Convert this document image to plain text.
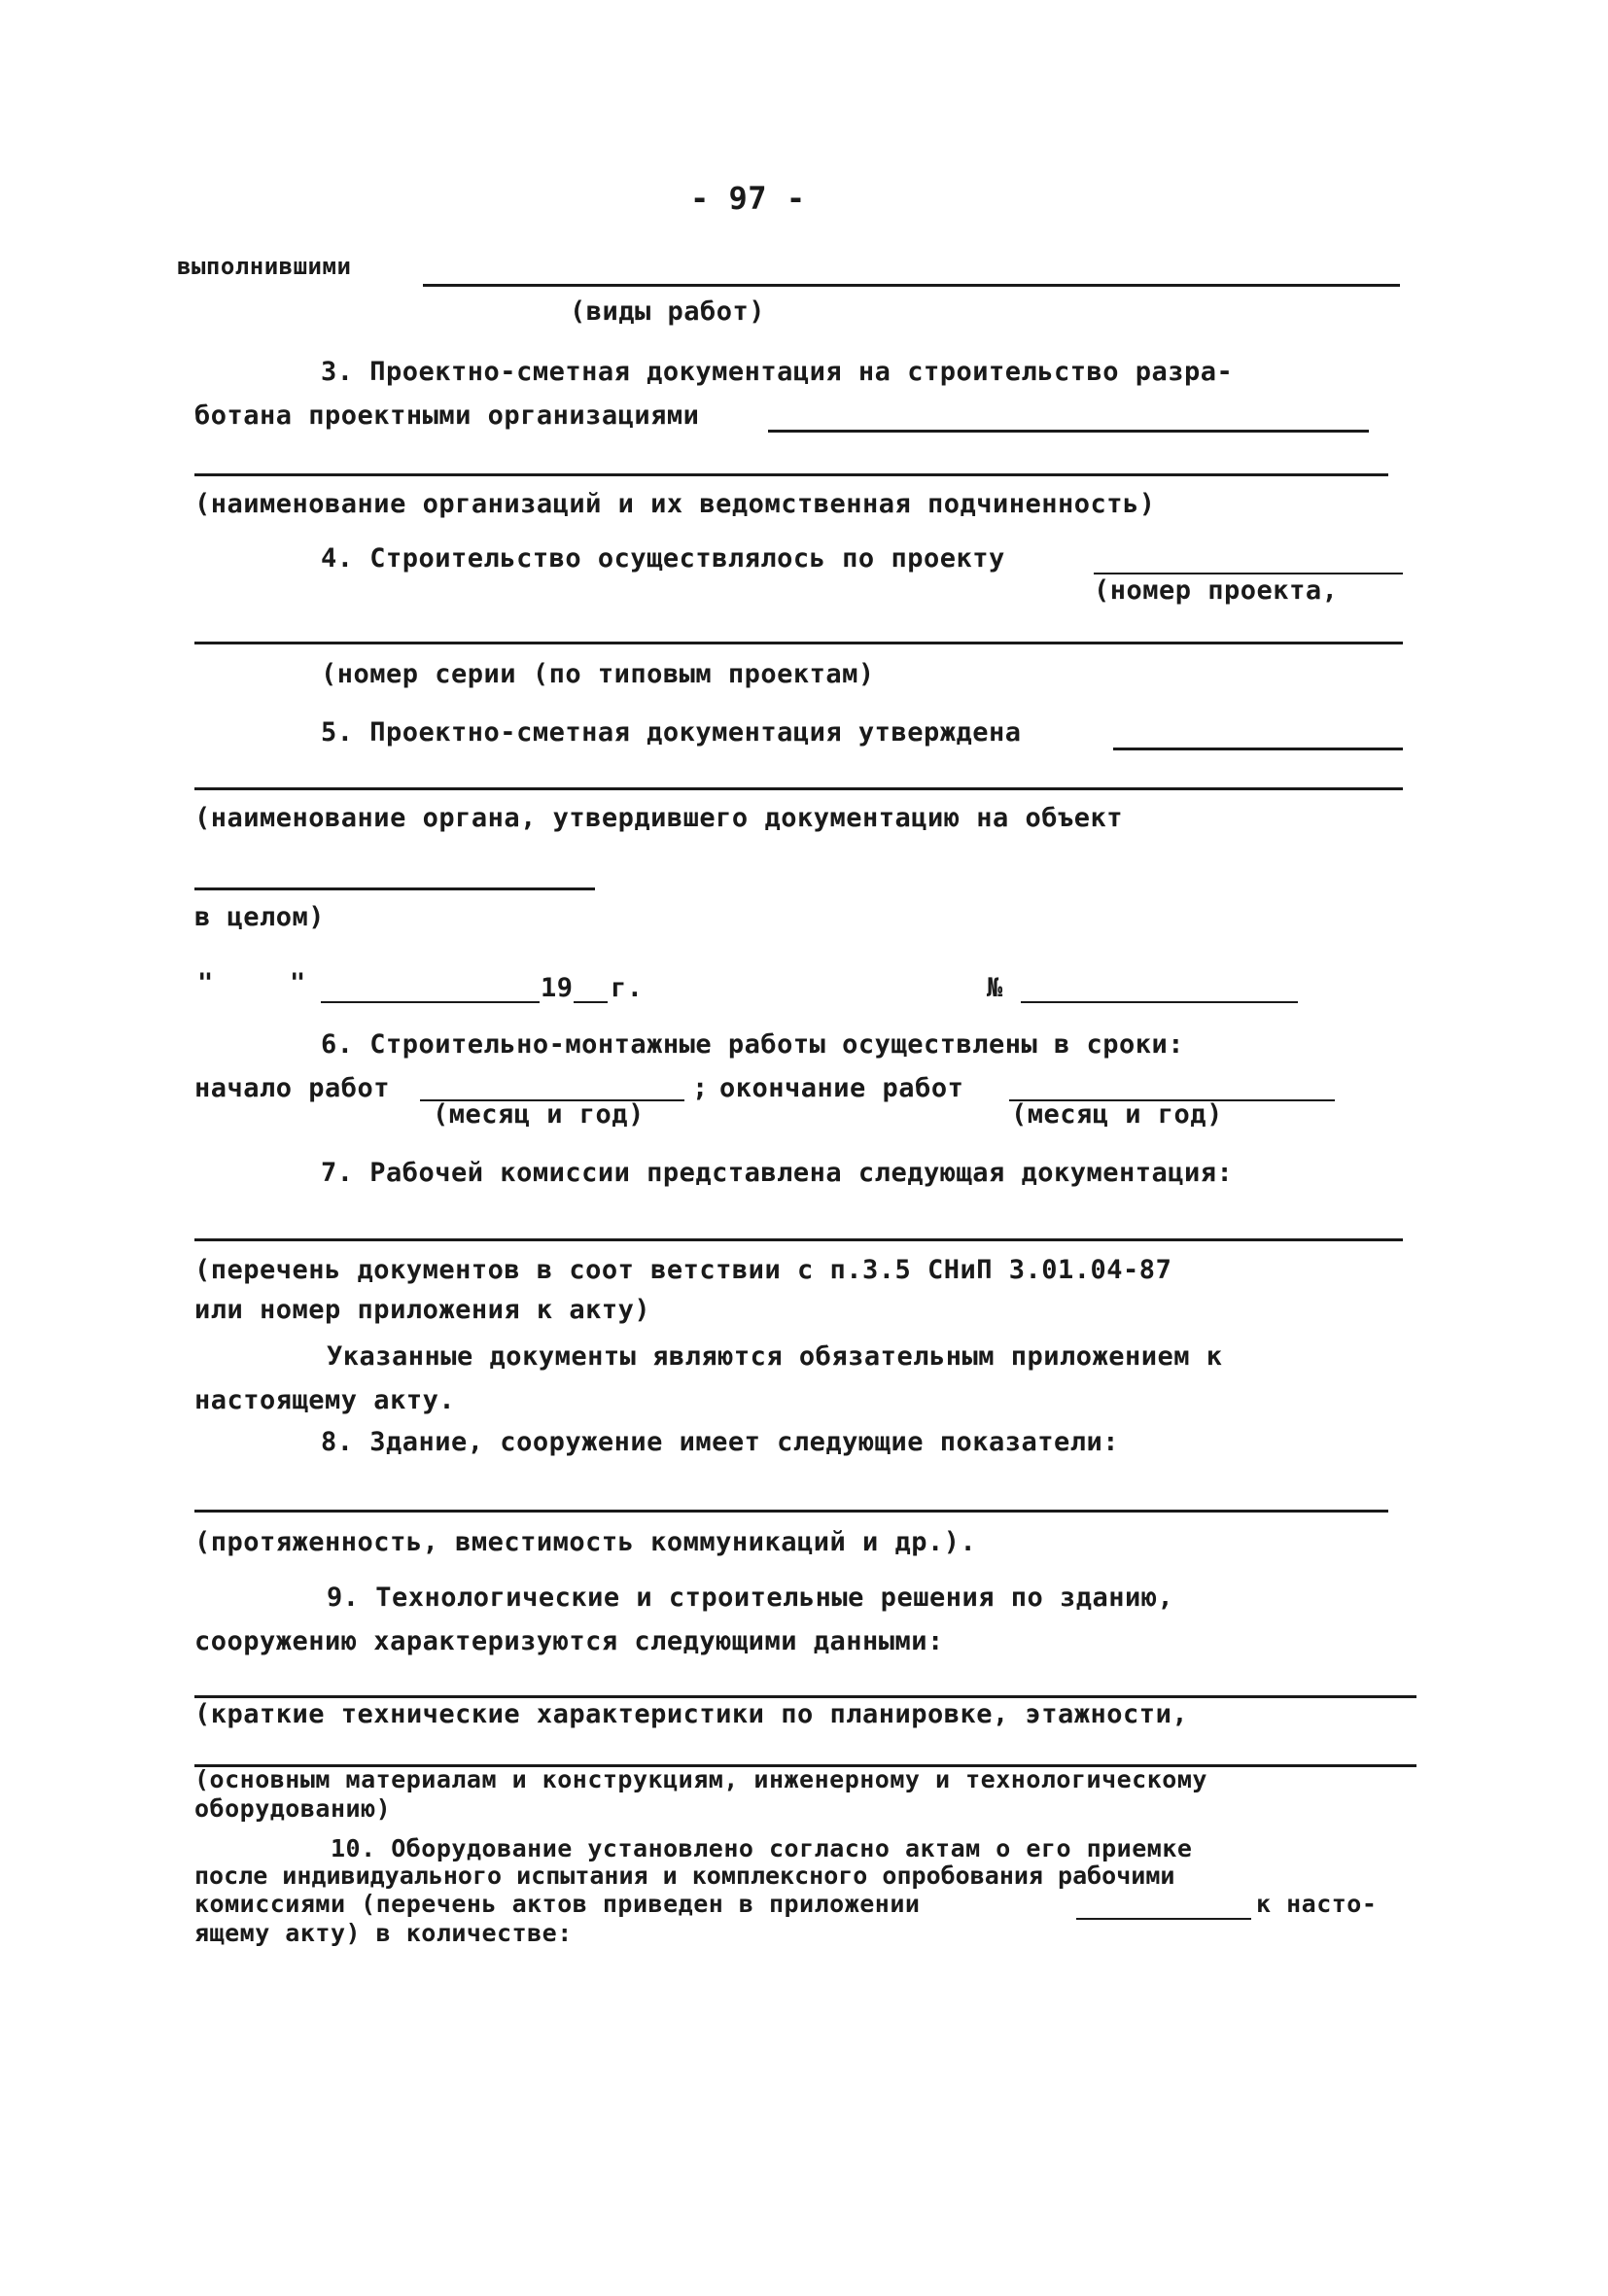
- 97 -
выполнившими
(виды работ)
3. Проектно-сметная документация на строительство разра-
ботана проектными организациями
(наименование организаций и их ведомственная подчиненность)
4. Строительство осуществлялось по проекту
(номер проекта,
(номер серии (по типовым проектам)
5. Проектно-сметная документация утверждена
(наименование органа, утвердившего документацию на объект
в целом)
"	"	19 г.	№
6. Строительно-монтажные работы осуществлены в сроки:
начало работ
(месяц и год)
; окончание работ
(месяц и год)
7. Рабочей комиссии представлена следующая документация:
(перечень документов в соот ветствии с п.3.5 СНиП 3.01.04-87
или номер приложения к акту)
Указанные документы являются обязательным приложением к
настоящему акту.
8. Здание, сооружение имеет следующие показатели:
(протяженность, вместимость коммуникаций и др.).
9. Технологические и строительные решения по зданию,
сооружению характеризуются следующими данными:
(краткие технические характеристики по планировке, этажности,
(основным материалам и конструкциям, инженерному и технологическому
оборудованию)
10. Оборудование установлено согласно актам о его приемке
после индивидуального испытания и комплексного опробования рабочими
комиссиями (перечень актов приведен в приложении	к насто-
ящему акту) в количестве:
